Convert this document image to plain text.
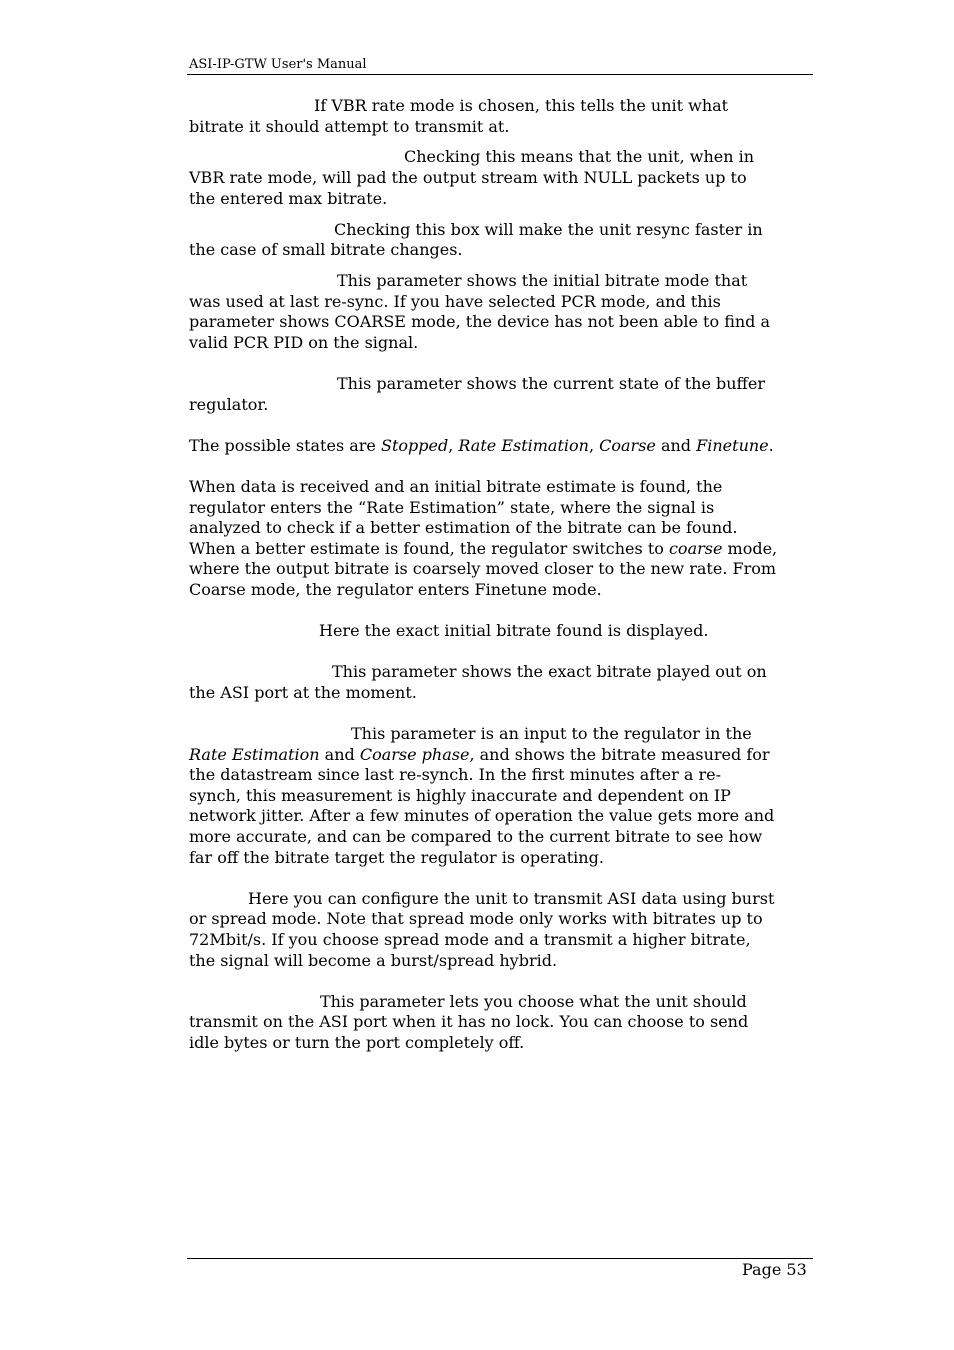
ASI-IP-GTW User's Manual

If VBR rate mode is chosen, this tells the unit what
bitrate it should attempt to transmit at.

Checking this means that the unit, when in
VBR rate mode, will pad the output stream with NULL packets up to
the entered max bitrate.

Checking this box will make the unit resync faster in
the case of small bitrate changes.

This parameter shows the initial bitrate mode that
was used at last re-sync. If you have selected PCR mode, and this
parameter shows COARSE mode, the device has not been able to find a
valid PCR PID on the signal.

This parameter shows the current state of the buffer
regulator.

The possible states are Stopped, Rate Estimation, Coarse and Finetune.

When data is received and an initial bitrate estimate is found, the
regulator enters the “Rate Estimation” state, where the signal is
analyzed to check if a better estimation of the bitrate can be found.
When a better estimate is found, the regulator switches to coarse mode,
where the output bitrate is coarsely moved closer to the new rate. From
Coarse mode, the regulator enters Finetune mode.

Here the exact initial bitrate found is displayed.

This parameter shows the exact bitrate played out on
the ASI port at the moment.

This parameter is an input to the regulator in the
Rate Estimation and Coarse phase, and shows the bitrate measured for
the datastream since last re-synch. In the first minutes after a re-
synch, this measurement is highly inaccurate and dependent on IP
network jitter. After a few minutes of operation the value gets more and
more accurate, and can be compared to the current bitrate to see how
far off the bitrate target the regulator is operating.

Here you can configure the unit to transmit ASI data using burst
or spread mode. Note that spread mode only works with bitrates up to
72Mbit/s. If you choose spread mode and a transmit a higher bitrate,
the signal will become a burst/spread hybrid.

This parameter lets you choose what the unit should
transmit on the ASI port when it has no lock. You can choose to send
idle bytes or turn the port completely off.

Page 53
